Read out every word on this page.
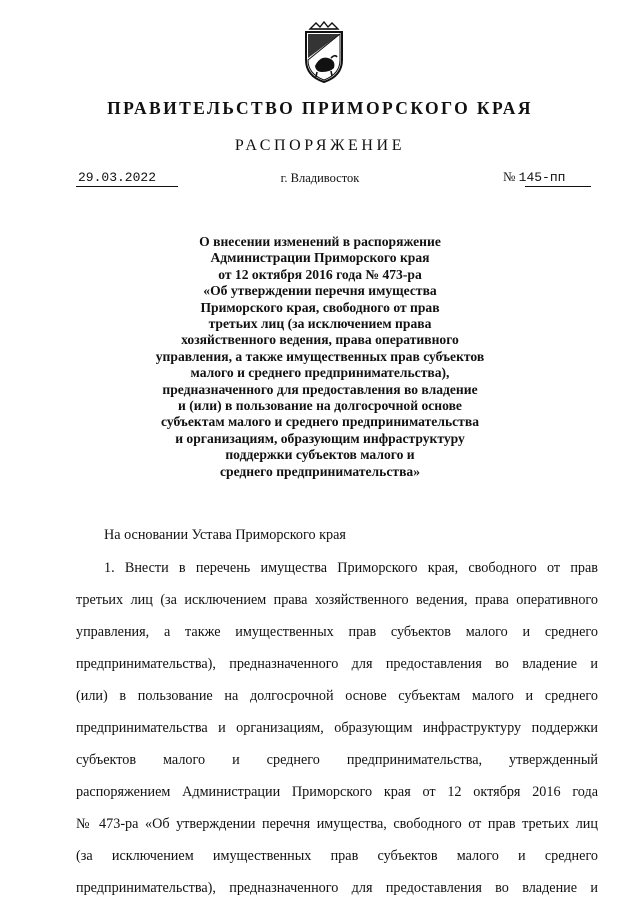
ПРАВИТЕЛЬСТВО ПРИМОРСКОГО КРАЯ
РАСПОРЯЖЕНИЕ
29.03.2022	г. Владивосток	№ 145-пп
О внесении изменений в распоряжение
Администрации Приморского края
от 12 октября 2016 года № 473-ра
«Об утверждении перечня имущества
Приморского края, свободного от прав
третьих лиц (за исключением права
хозяйственного ведения, права оперативного
управления, а также имущественных прав субъектов
малого и среднего предпринимательства),
предназначенного для предоставления во владение
и (или) в пользование на долгосрочной основе
субъектам малого и среднего предпринимательства
и организациям, образующим инфраструктуру
поддержки субъектов малого и
среднего предпринимательства»
На основании Устава Приморского края
1. Внести в перечень имущества Приморского края, свободного от прав
третьих лиц (за исключением права хозяйственного ведения, права оперативного
управления, а также имущественных прав субъектов малого и среднего
предпринимательства), предназначенного для предоставления во владение и
(или) в пользование на долгосрочной основе субъектам малого и среднего
предпринимательства и организациям, образующим инфраструктуру поддержки
субъектов малого и среднего предпринимательства, утвержденный
распоряжением Администрации Приморского края от 12 октября 2016 года
№ 473-ра «Об утверждении перечня имущества, свободного от прав третьих лиц
(за исключением имущественных прав субъектов малого и среднего
предпринимательства), предназначенного для предоставления во владение и
